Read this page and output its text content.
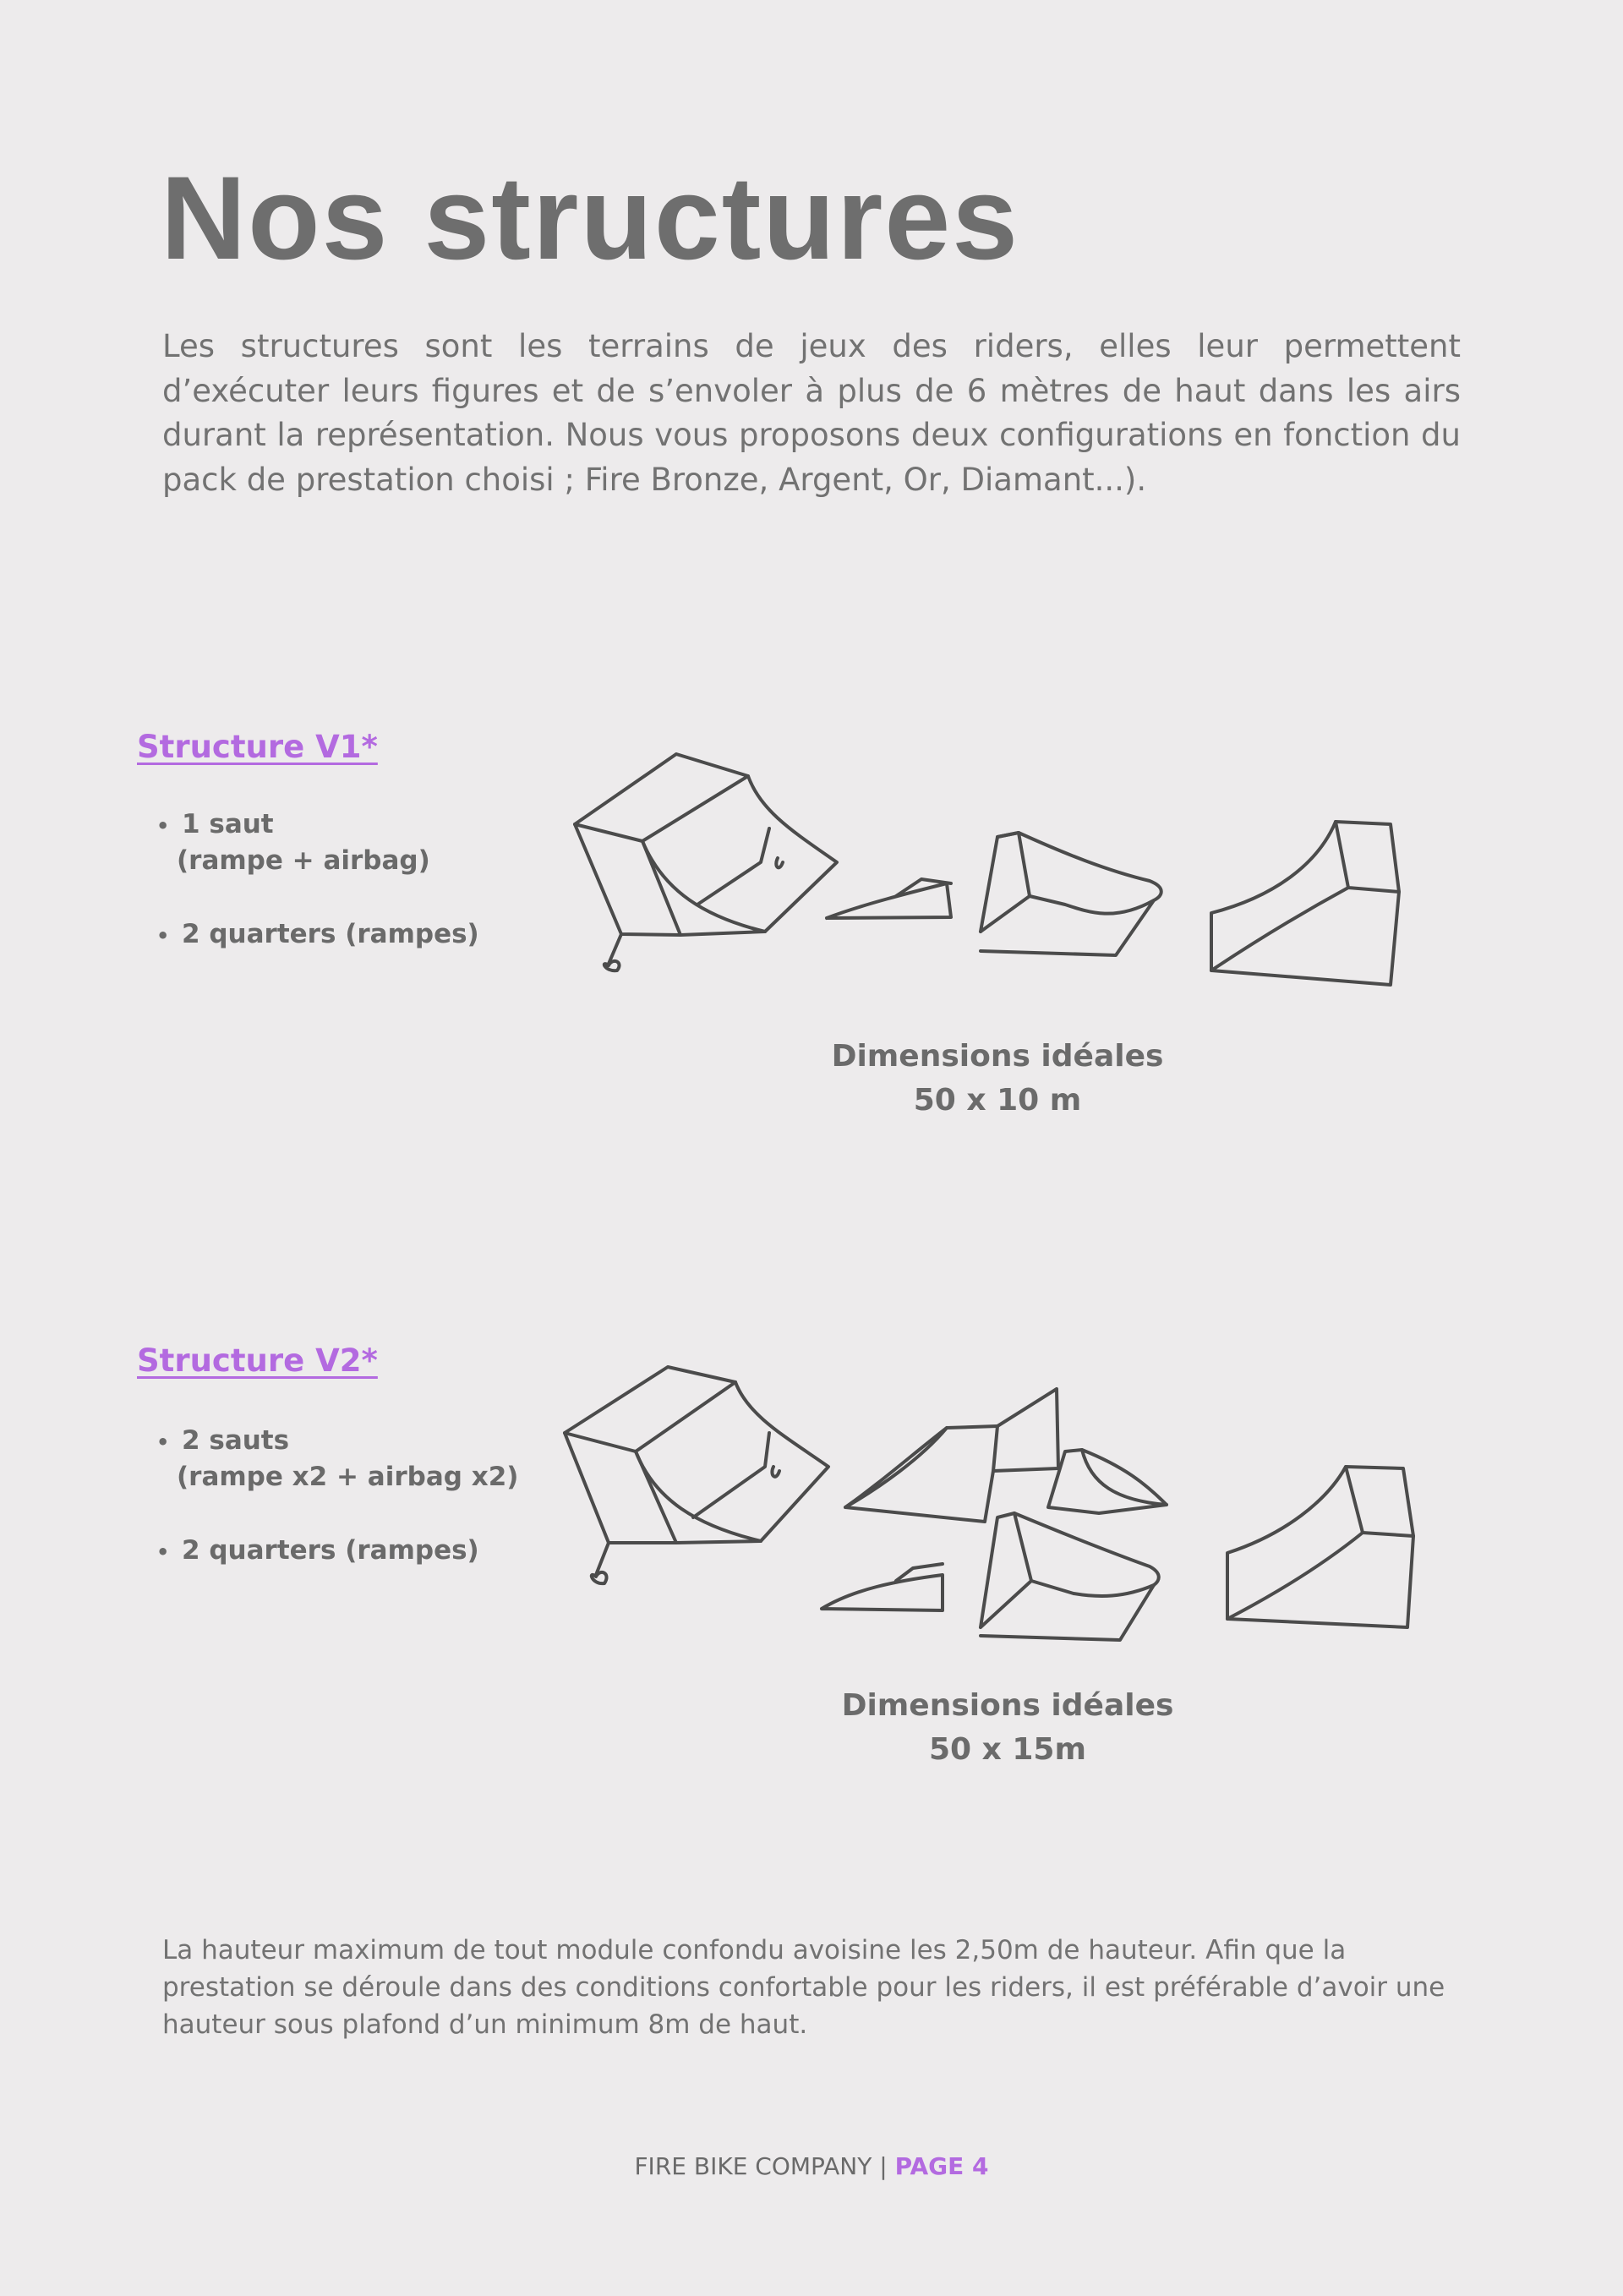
Nos structures

Les structures sont les terrains de jeux des riders, elles leur permettent d’exécuter leurs figures et de s’envoler à plus de 6 mètres de haut dans les airs durant la représentation. Nous vous proposons deux configurations en fonction du pack de prestation choisi ; Fire Bronze, Argent, Or, Diamant...).

Structure V1*
• 1 saut
(rampe + airbag)
• 2 quarters (rampes)

Dimensions idéales

50 x 10 m

Structure V2*
• 2 sauts
(rampe x2 + airbag x2)
• 2 quarters (rampes)

Dimensions idéales

50 x 15m

La hauteur maximum de tout module confondu avoisine les 2,50m de hauteur. Afin que la prestation se déroule dans des conditions confortable pour les riders, il est préférable d’avoir une hauteur sous plafond d’un minimum 8m de haut.

FIRE BIKE COMPANY | PAGE 4
